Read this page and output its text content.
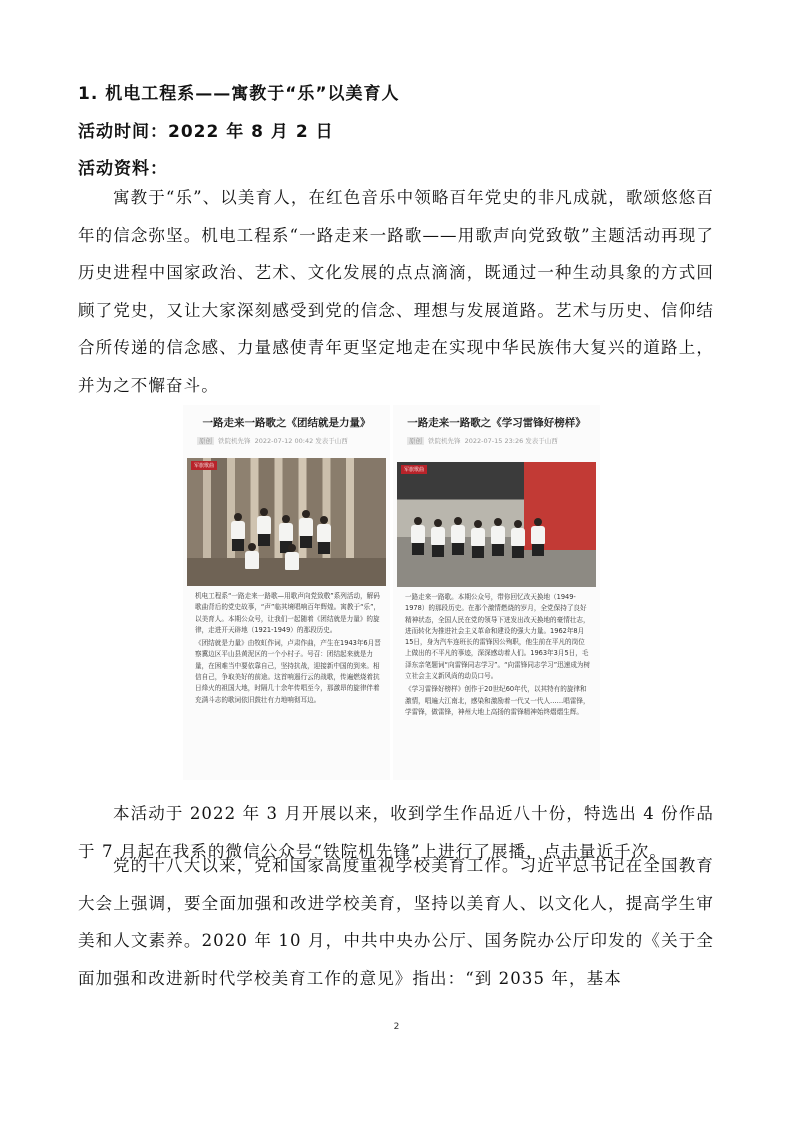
1. 机电工程系——寓教于“乐”以美育人
活动时间：2022 年 8 月 2 日
活动资料：
寓教于“乐”、以美育人，在红色音乐中领略百年党史的非凡成就，歌颂悠悠百年的信念弥坚。机电工程系“一路走来一路歌——用歌声向党致敬”主题活动再现了历史进程中国家政治、艺术、文化发展的点点滴滴，既通过一种生动具象的方式回顾了党史，又让大家深刻感受到党的信念、理想与发展道路。艺术与历史、信仰结合所传递的信念感、力量感使青年更坚定地走在实现中华民族伟大复兴的道路上，并为之不懈奋斗。
一路走来一路歌之《团结就是力量》
原创 铁院机先锋 2022-07-12 00:42 发表于山西
军旅歌曲

机电工程系“一路走来一路歌—用歌声向党致敬”系列活动，解码歌曲背后的党史故事，“声”临其境唱响百年辉煌。寓教于“乐”，以美育人。本期公众号，让我们一起随着《团结就是力量》的旋律，走进开天辟地（1921-1949）的那段历史。

《团结就是力量》由牧虹作词，卢肃作曲，产生在1943年6月晋察冀边区平山县黄泥区的一个小村子。号召：团结起来就是力量，在困难当中要依靠自己，坚持抗战，迎接新中国的到来。相信自己，争取美好的前途。这首响遏行云的战歌，传遍燃烧着抗日烽火的祖国大地，时隔几十余年传唱至今，那激昂的旋律伴着充满斗志的歌词依旧鼓壮有力地响彻耳边。

一路走来一路歌之《学习雷锋好榜样》
原创 铁院机先锋 2022-07-15 23:26 发表于山西
军旅歌曲

一路走来一路歌。本期公众号，带你回忆改天换地（1949-1978）的那段历史。在那个激情燃烧的岁月，全党保持了良好精神状态，全国人民在党的领导下迸发出改天换地的豪情壮志，进而转化为推进社会主义革命和建设的强大力量。1962年8月15日，身为汽车连班长的雷锋因公殉职，他生前在平凡的岗位上做出的不平凡的事迹，深深感动着人们。1963年3月5日，毛泽东亲笔题词“向雷锋同志学习”。“向雷锋同志学习”迅速成为树立社会主义新风尚的动员口号。

《学习雷锋好榜样》创作于20世纪60年代，以其特有的旋律和激情，唱遍大江南北，感染和激励着一代又一代人……唱雷锋，学雷锋，做雷锋，神州大地上高扬的雷锋精神始终熠熠生辉。

本活动于 2022 年 3 月开展以来，收到学生作品近八十份，特选出 4 份作品于 7 月起在我系的微信公众号“铁院机先锋”上进行了展播，点击量近千次。
党的十八大以来，党和国家高度重视学校美育工作。习近平总书记在全国教育大会上强调，要全面加强和改进学校美育，坚持以美育人、以文化人，提高学生审美和人文素养。2020 年 10 月，中共中央办公厅、国务院办公厅印发的《关于全面加强和改进新时代学校美育工作的意见》指出：“到 2035 年，基本
2
